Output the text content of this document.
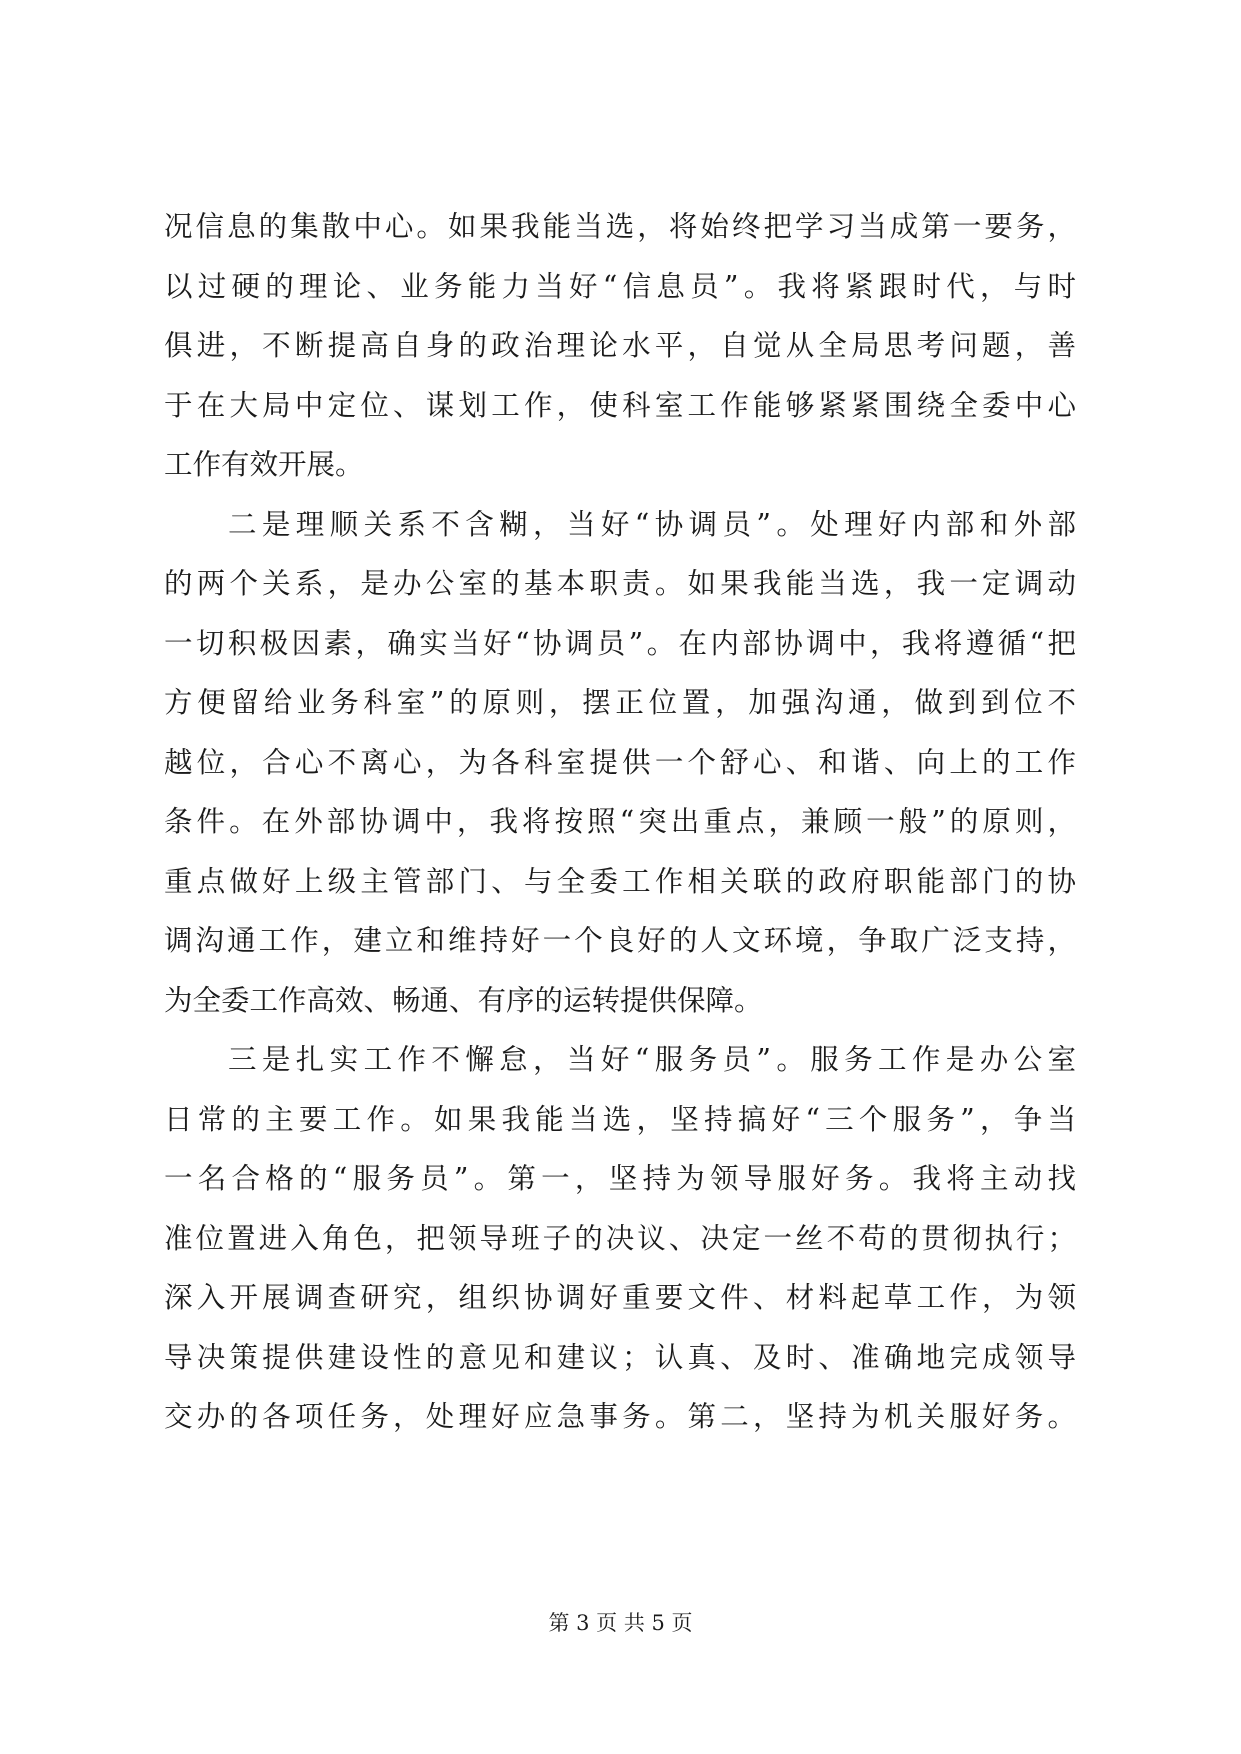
况信息的集散中心。如果我能当选，将始终把学习当成第一要务，
以过硬的理论、业务能力当好“信息员”。我将紧跟时代，与时
俱进，不断提高自身的政治理论水平，自觉从全局思考问题，善
于在大局中定位、谋划工作，使科室工作能够紧紧围绕全委中心
工作有效开展。
二是理顺关系不含糊，当好“协调员”。处理好内部和外部
的两个关系，是办公室的基本职责。如果我能当选，我一定调动
一切积极因素，确实当好“协调员”。在内部协调中，我将遵循“把
方便留给业务科室”的原则，摆正位置，加强沟通，做到到位不
越位，合心不离心，为各科室提供一个舒心、和谐、向上的工作
条件。在外部协调中，我将按照“突出重点，兼顾一般”的原则，
重点做好上级主管部门、与全委工作相关联的政府职能部门的协
调沟通工作，建立和维持好一个良好的人文环境，争取广泛支持，
为全委工作高效、畅通、有序的运转提供保障。
三是扎实工作不懈怠，当好“服务员”。服务工作是办公室
日常的主要工作。如果我能当选，坚持搞好“三个服务”，争当
一名合格的“服务员”。第一，坚持为领导服好务。我将主动找
准位置进入角色，把领导班子的决议、决定一丝不苟的贯彻执行；
深入开展调查研究，组织协调好重要文件、材料起草工作，为领
导决策提供建设性的意见和建议；认真、及时、准确地完成领导
交办的各项任务，处理好应急事务。第二，坚持为机关服好务。
第 3 页 共 5 页
